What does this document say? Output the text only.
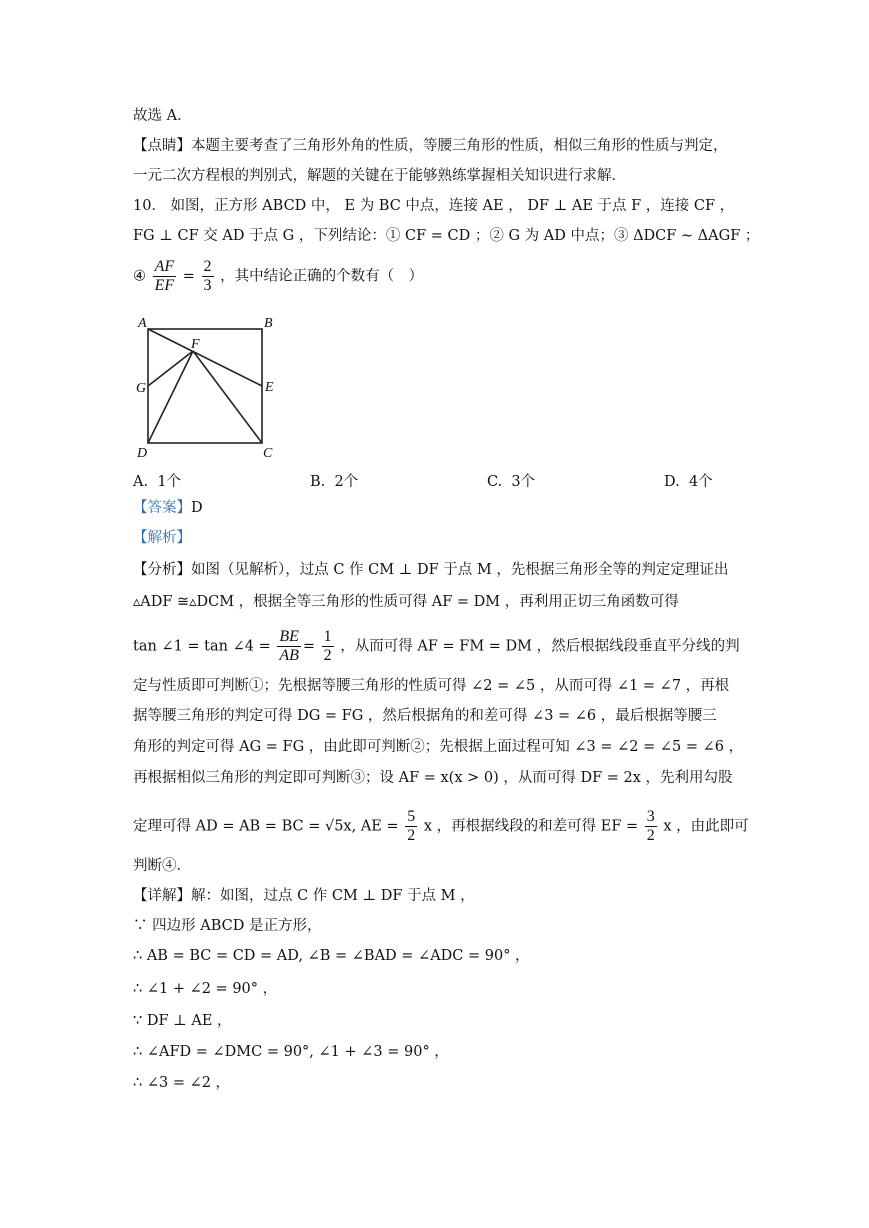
故选 A．
【点睛】本题主要考查了三角形外角的性质，等腰三角形的性质，相似三角形的性质与判定，
一元二次方程根的判别式，解题的关键在于能够熟练掌握相关知识进行求解．
10． 如图，正方形 ABCD 中， E 为 BC 中点，连接 AE ， DF ⊥ AE 于点 F ，连接 CF ，
FG ⊥ CF 交 AD 于点 G ，下列结论：① CF = CD ；② G 为 AD 中点；③ ΔDCF ∼ ΔAGF ；
④ $\frac{AF}{EF} = \frac{2}{3}$ ，其中结论正确的个数有（　）
A	B
C
D
E
F
G
A. 1个	B. 2个	C. 3个	D. 4个
【答案】D
【解析】
【分析】如图（见解析），过点 C 作 CM ⊥ DF 于点 M ，先根据三角形全等的判定定理证出
▵ADF ≅▵DCM ，根据全等三角形的性质可得 AF = DM ，再利用正切三角函数可得
tan ∠1 = tan ∠4 = $\frac{BE}{AB} = \frac{1}{2}$ ，从而可得 AF = FM = DM ，然后根据线段垂直平分线的判
定与性质即可判断①；先根据等腰三角形的性质可得 ∠2 = ∠5 ，从而可得 ∠1 = ∠7 ，再根
据等腰三角形的判定可得 DG = FG ，然后根据角的和差可得 ∠3 = ∠6 ，最后根据等腰三
角形的判定可得 AG = FG ，由此即可判断②；先根据上面过程可知 ∠3 = ∠2 = ∠5 = ∠6 ，
再根据相似三角形的判定即可判断③；设 AF = x(x > 0) ，从而可得 DF = 2x ，先利用勾股
定理可得 AD = AB = BC = √5x, AE = $\frac{5}{2}$ x ，再根据线段的和差可得 EF = $\frac{3}{2}$ x ，由此即可
判断④．
【详解】解：如图，过点 C 作 CM ⊥ DF 于点 M ，
∵ 四边形 ABCD 是正方形，
∴ AB = BC = CD = AD, ∠B = ∠BAD = ∠ADC = 90° ，
∴ ∠1 + ∠2 = 90° ，
∵ DF ⊥ AE ，
∴ ∠AFD = ∠DMC = 90°, ∠1 + ∠3 = 90° ，
∴ ∠3 = ∠2 ，
